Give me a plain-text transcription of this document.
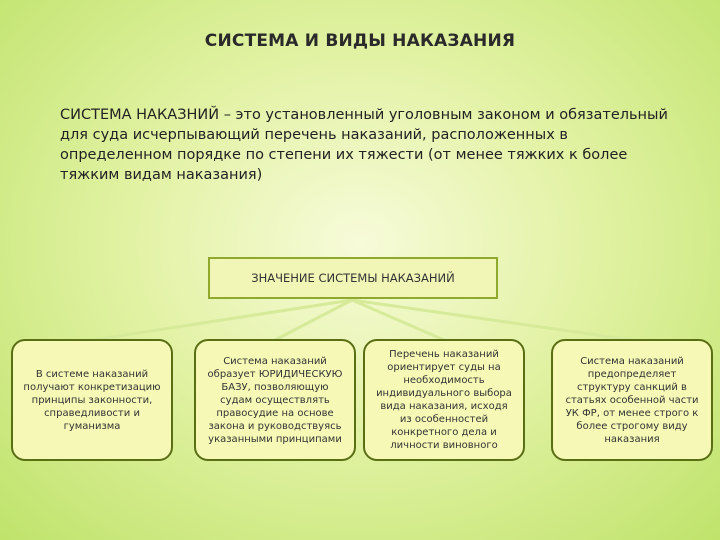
СИСТЕМА И ВИДЫ НАКАЗАНИЯ
СИСТЕМА НАКАЗНИЙ – это установленный уголовным законом и обязательный для суда исчерпывающий перечень наказаний, расположенных в определенном порядке по степени их тяжести (от менее тяжких к более тяжким видам наказания)
ЗНАЧЕНИЕ СИСТЕМЫ НАКАЗАНИЙ
В системе наказаний получают конкретизацию принципы законности, справедливости и гуманизма
Система наказаний образует ЮРИДИЧЕСКУЮ БАЗУ, позволяющую судам осуществлять правосудие на основе закона и руководствуясь указанными принципами
Перечень наказаний ориентирует суды на необходимость индивидуального выбора вида наказания, исходя из особенностей конкретного дела и личности виновного
Система наказаний предопределяет структуру санкций в статьях особенной части УК ФР, от менее строго к более строгому виду наказания
